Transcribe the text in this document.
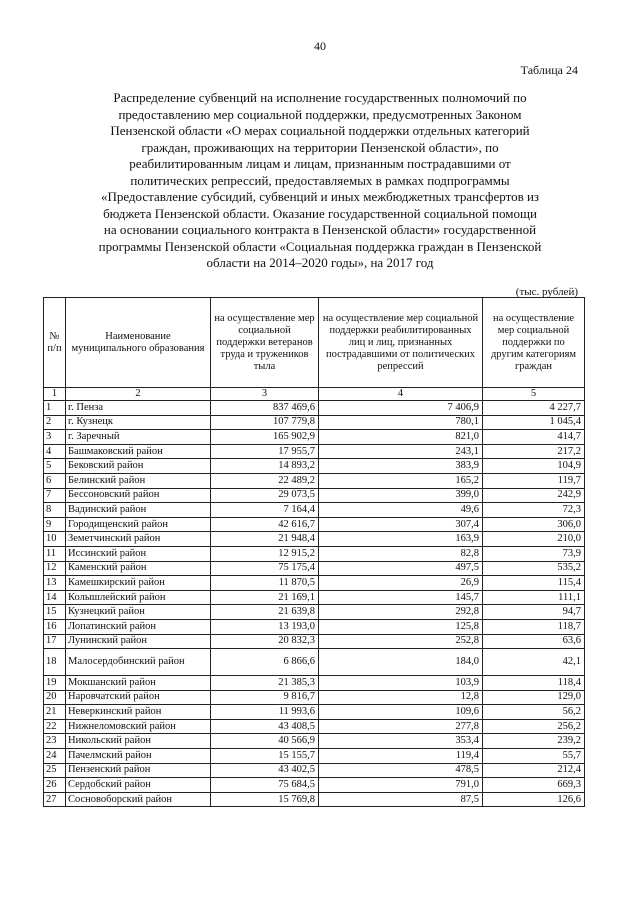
40
Таблица 24
Распределение субвенций на исполнение государственных полномочий по
предоставлению мер социальной поддержки, предусмотренных Законом
Пензенской области «О мерах социальной поддержки отдельных категорий
граждан, проживающих на территории Пензенской области», по
реабилитированным лицам и лицам, признанным пострадавшими от
политических репрессий, предоставляемых в рамках подпрограммы
«Предоставление субсидий, субвенций и иных межбюджетных трансфертов из
бюджета Пензенской области. Оказание государственной социальной помощи
на основании социального контракта в Пензенской области» государственной
программы Пензенской области «Социальная поддержка граждан в Пензенской
области на 2014–2020 годы», на 2017 год
(тыс. рублей)
№ п/п	Наименование муниципального образования	на осуществление мер социальной поддержки ветеранов труда и тружеников тыла	на осуществление мер социальной поддержки реабилитированных лиц и лиц, признанных пострадавшими от политических репрессий	на осуществление мер социальной поддержки по другим категориям граждан
1	2	3	4	5
1	г. Пенза	837 469,6	7 406,9	4 227,7
2	г. Кузнецк	107 779,8	780,1	1 045,4
3	г. Заречный	165 902,9	821,0	414,7
4	Башмаковский район	17 955,7	243,1	217,2
5	Бековский район	14 893,2	383,9	104,9
6	Белинский район	22 489,2	165,2	119,7
7	Бессоновский район	29 073,5	399,0	242,9
8	Вадинский район	7 164,4	49,6	72,3
9	Городищенский район	42 616,7	307,4	306,0
10	Земетчинский район	21 948,4	163,9	210,0
11	Иссинский район	12 915,2	82,8	73,9
12	Каменский район	75 175,4	497,5	535,2
13	Камешкирский район	11 870,5	26,9	115,4
14	Колышлейский район	21 169,1	145,7	111,1
15	Кузнецкий район	21 639,8	292,8	94,7
16	Лопатинский район	13 193,0	125,8	118,7
17	Лунинский район	20 832,3	252,8	63,6
18	Малосердобинский район	6 866,6	184,0	42,1
19	Мокшанский район	21 385,3	103,9	118,4
20	Наровчатский район	9 816,7	12,8	129,0
21	Неверкинский район	11 993,6	109,6	56,2
22	Нижнеломовский район	43 408,5	277,8	256,2
23	Никольский район	40 566,9	353,4	239,2
24	Пачелмский район	15 155,7	119,4	55,7
25	Пензенский район	43 402,5	478,5	212,4
26	Сердобский район	75 684,5	791,0	669,3
27	Сосновоборский район	15 769,8	87,5	126,6
